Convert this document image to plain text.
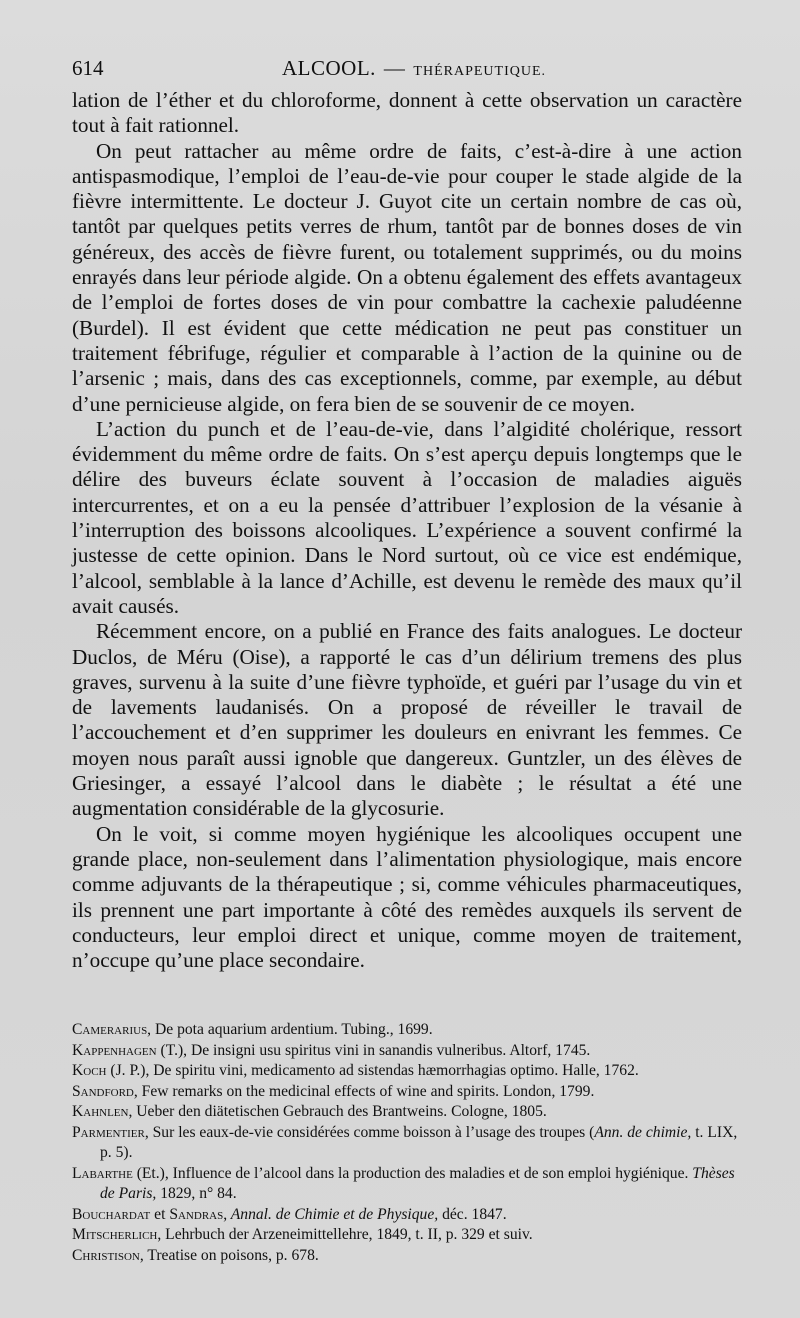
614	ALCOOL. — THÉRAPEUTIQUE.

lation de l’éther et du chloroforme, donnent à cette observation un caractère tout à fait rationnel.

On peut rattacher au même ordre de faits, c’est-à-dire à une action antispasmodique, l’emploi de l’eau-de-vie pour couper le stade algide de la fièvre intermittente. Le docteur J. Guyot cite un certain nombre de cas où, tantôt par quelques petits verres de rhum, tantôt par de bonnes doses de vin généreux, des accès de fièvre furent, ou totalement supprimés, ou du moins enrayés dans leur période algide. On a obtenu également des effets avantageux de l’emploi de fortes doses de vin pour combattre la cachexie paludéenne (Burdel). Il est évident que cette médication ne peut pas constituer un traitement fébrifuge, régulier et comparable à l’action de la quinine ou de l’arsenic ; mais, dans des cas exceptionnels, comme, par exemple, au début d’une pernicieuse algide, on fera bien de se souvenir de ce moyen.

L’action du punch et de l’eau-de-vie, dans l’algidité cholérique, ressort évidemment du même ordre de faits. On s’est aperçu depuis longtemps que le délire des buveurs éclate souvent à l’occasion de maladies aiguës intercurrentes, et on a eu la pensée d’attribuer l’explosion de la vésanie à l’interruption des boissons alcooliques. L’expérience a souvent confirmé la justesse de cette opinion. Dans le Nord surtout, où ce vice est endémique, l’alcool, semblable à la lance d’Achille, est devenu le remède des maux qu’il avait causés.

Récemment encore, on a publié en France des faits analogues. Le docteur Duclos, de Méru (Oise), a rapporté le cas d’un délirium tremens des plus graves, survenu à la suite d’une fièvre typhoïde, et guéri par l’usage du vin et de lavements laudanisés. On a proposé de réveiller le travail de l’accouchement et d’en supprimer les douleurs en enivrant les femmes. Ce moyen nous paraît aussi ignoble que dangereux. Guntzler, un des élèves de Griesinger, a essayé l’alcool dans le diabète ; le résultat a été une augmentation considérable de la glycosurie.

On le voit, si comme moyen hygiénique les alcooliques occupent une grande place, non-seulement dans l’alimentation physiologique, mais encore comme adjuvants de la thérapeutique ; si, comme véhicules pharmaceutiques, ils prennent une part importante à côté des remèdes auxquels ils servent de conducteurs, leur emploi direct et unique, comme moyen de traitement, n’occupe qu’une place secondaire.

Camerarius, De pota aquarium ardentium. Tubing., 1699.

Kappenhagen (T.), De insigni usu spiritus vini in sanandis vulneribus. Altorf, 1745.

Koch (J. P.), De spiritu vini, medicamento ad sistendas hæmorrhagias optimo. Halle, 1762.

Sandford, Few remarks on the medicinal effects of wine and spirits. London, 1799.

Kahnlen, Ueber den diätetischen Gebrauch des Brantweins. Cologne, 1805.

Parmentier, Sur les eaux-de-vie considérées comme boisson à l’usage des troupes (Ann. de chimie, t. LIX, p. 5).

Labarthe (Et.), Influence de l’alcool dans la production des maladies et de son emploi hygiénique. Thèses de Paris, 1829, n° 84.

Bouchardat et Sandras, Annal. de Chimie et de Physique, déc. 1847.

Mitscherlich, Lehrbuch der Arzeneimittellehre, 1849, t. II, p. 329 et suiv.

Christison, Treatise on poisons, p. 678.
